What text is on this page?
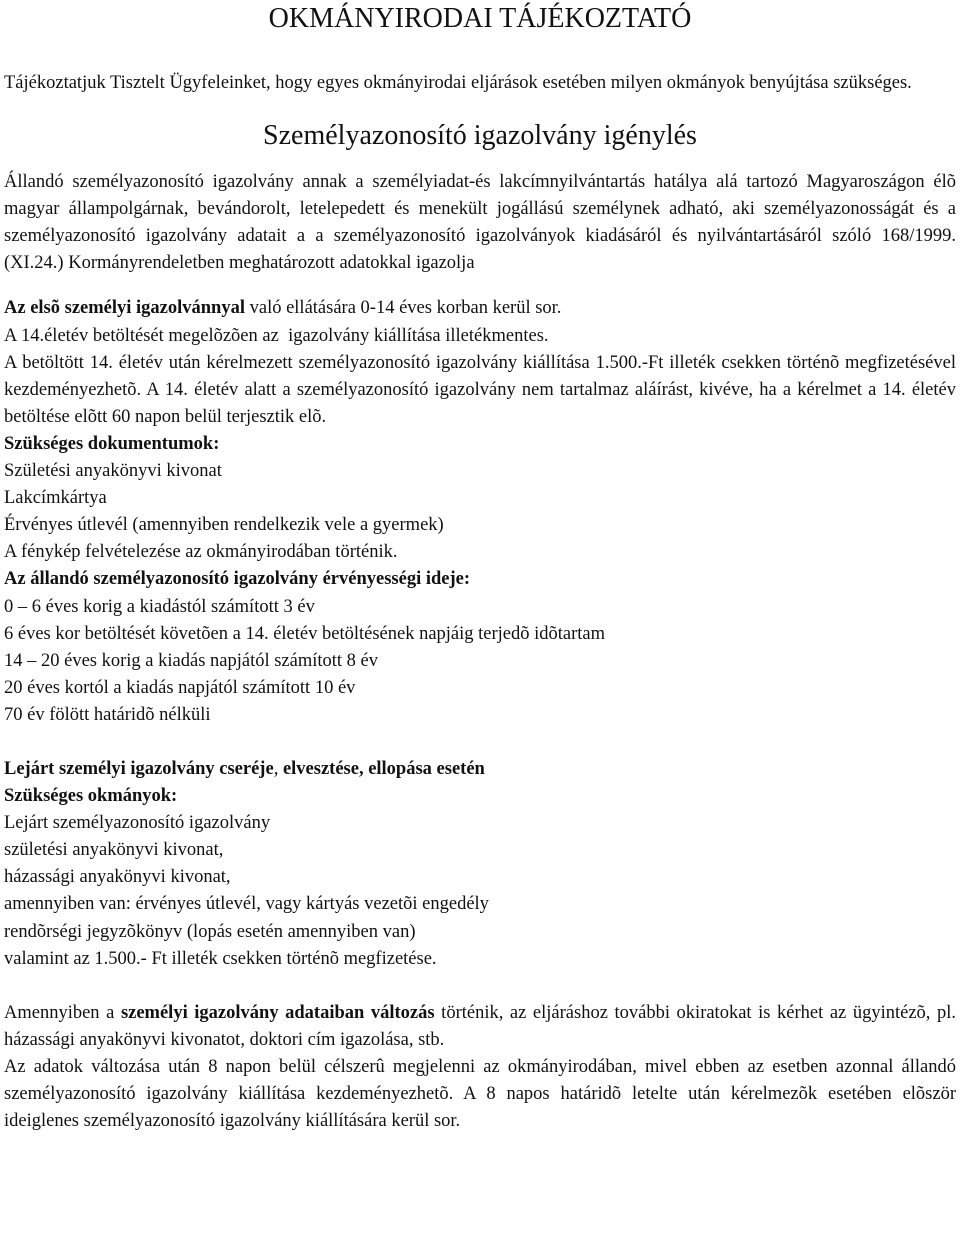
OKMÁNYIRODAI TÁJÉKOZTATÓ

Tájékoztatjuk Tisztelt Ügyfeleinket, hogy egyes okmányirodai eljárások esetében milyen okmányok benyújtása szükséges.

Személyazonosító igazolvány igénylés

Állandó személyazonosító igazolvány annak a személyiadat-és lakcímnyilvántartás hatálya alá tartozó Magyaroszágon élõ magyar állampolgárnak, bevándorolt, letelepedett és menekült jogállású személynek adható, aki személyazonosságát és a személyazonosító igazolvány adatait a a személyazonosító igazolványok kiadásáról és nyilvántartásáról szóló 168/1999. (XI.24.) Kormányrendeletben meghatározott adatokkal igazolja

Az elsõ személyi igazolvánnyal való ellátására 0-14 éves korban kerül sor.

A 14.életév betöltését megelõzõen az  igazolvány kiállítása illetékmentes.

A betöltött 14. életév után kérelmezett személyazonosító igazolvány kiállítása 1.500.-Ft illeték csekken történõ megfizetésével kezdeményezhetõ. A 14. életév alatt a személyazonosító igazolvány nem tartalmaz aláírást, kivéve, ha a kérelmet a 14. életév betöltése elõtt 60 napon belül terjesztik elõ.

Szükséges dokumentumok:

Születési anyakönyvi kivonat
Lakcímkártya
Érvényes útlevél (amennyiben rendelkezik vele a gyermek)
A fénykép felvételezése az okmányirodában történik.

Az állandó személyazonosító igazolvány érvényességi ideje:

0 – 6 éves korig a kiadástól számított 3 év
6 éves kor betöltését követõen a 14. életév betöltésének napjáig terjedõ idõtartam
14 – 20 éves korig a kiadás napjától számított 8 év
20 éves kortól a kiadás napjától számított 10 év
70 év fölött határidõ nélküli

Lejárt személyi igazolvány cseréje, elvesztése, ellopása esetén

Szükséges okmányok:

Lejárt személyazonosító igazolvány
születési anyakönyvi kivonat,
házassági anyakönyvi kivonat,
amennyiben van: érvényes útlevél, vagy kártyás vezetõi engedély
rendõrségi jegyzõkönyv (lopás esetén amennyiben van)
valamint az 1.500.- Ft illeték csekken történõ megfizetése.

Amennyiben a személyi igazolvány adataiban változás történik, az eljáráshoz további okiratokat is kérhet az ügyintézõ, pl. házassági anyakönyvi kivonatot, doktori cím igazolása, stb.

Az adatok változása után 8 napon belül célszerû megjelenni az okmányirodában, mivel ebben az esetben azonnal állandó személyazonosító igazolvány kiállítása kezdeményezhetõ. A 8 napos határidõ letelte után kérelmezõk esetében elõször ideiglenes személyazonosító igazolvány kiállítására kerül sor.
